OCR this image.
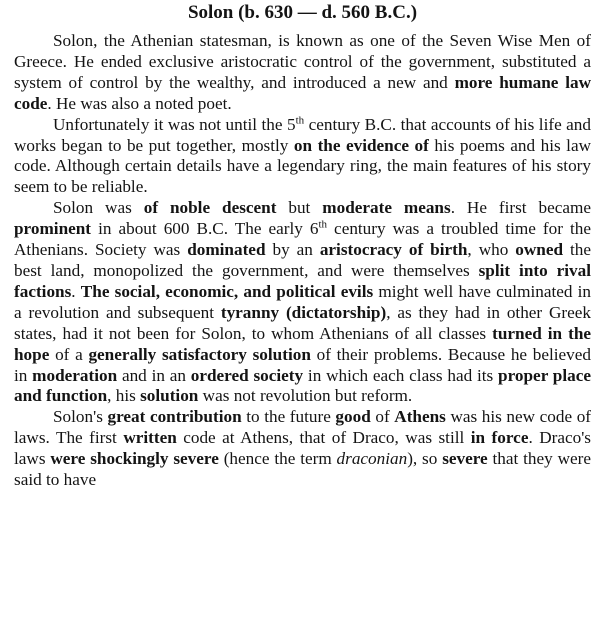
Solon (b. 630 — d. 560 B.C.)

Solon, the Athenian statesman, is known as one of the Seven Wise Men of Greece. He ended exclusive aristocratic control of the government, substituted a system of control by the wealthy, and introduced a new and more humane law code. He was also a noted poet.

Unfortunately it was not until the 5th century B.C. that accounts of his life and works began to be put together, mostly on the evidence of his poems and his law code. Although certain details have a legendary ring, the main features of his story seem to be reliable.

Solon was of noble descent but moderate means. He first became prominent in about 600 B.C. The early 6th century was a troubled time for the Athenians. Society was dominated by an aristocracy of birth, who owned the best land, monopolized the government, and were themselves split into rival factions. The social, economic, and political evils might well have culminated in a revolution and subsequent tyranny (dictatorship), as they had in other Greek states, had it not been for Solon, to whom Athenians of all classes turned in the hope of a generally satisfactory solution of their problems. Because he believed in moderation and in an ordered society in which each class had its proper place and function, his solution was not revolution but reform.

Solon's great contribution to the future good of Athens was his new code of laws. The first written code at Athens, that of Draco, was still in force. Draco's laws were shockingly severe (hence the term draconian), so severe that they were said to have
